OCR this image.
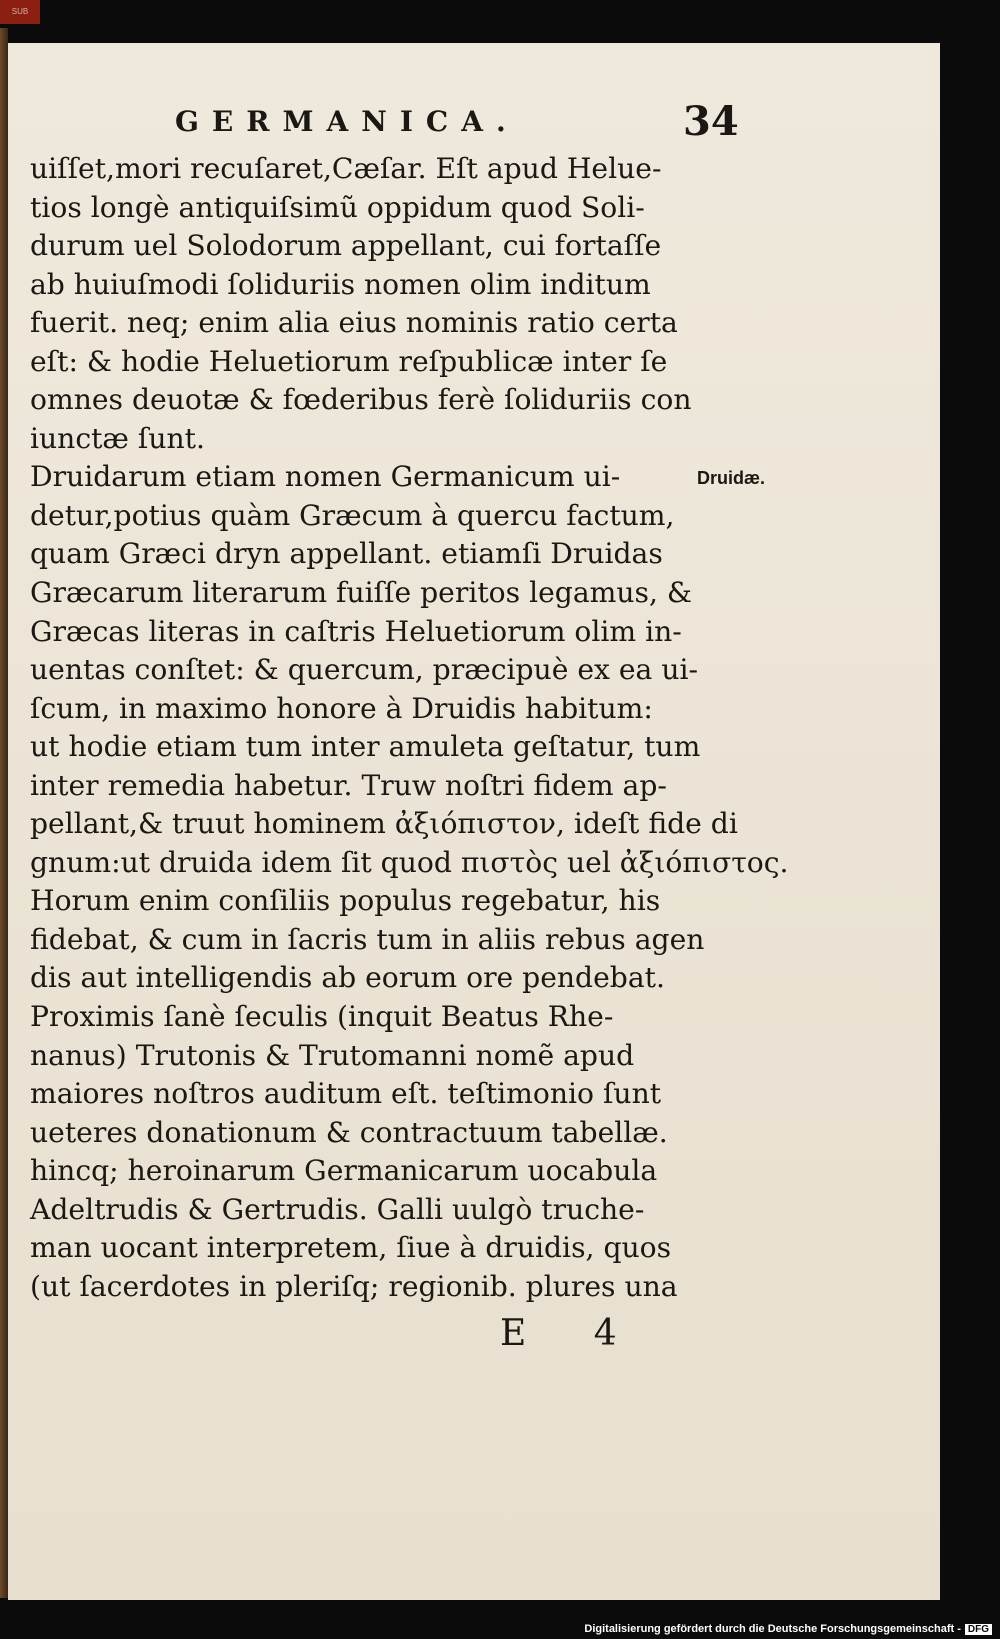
SUB
GERMANICA.	34
uiſſet,mori recuſaret,Cæſar. Eſt apud Helue-
tios longè antiquiſsimũ oppidum quod Soli-
durum uel Solodorum appellant, cui fortaſſe
ab huiuſmodi ſoliduriis nomen olim inditum
fuerit. neq; enim alia eius nominis ratio certa
eſt: & hodie Heluetiorum reſpublicæ inter ſe
omnes deuotæ & fœderibus ferè ſoliduriis con
iunctæ ſunt.
Druidarum etiam nomen Germanicum ui-
detur,potius quàm Græcum à quercu factum,
quam Græci dryn appellant. etiamſi Druidas
Græcarum literarum fuiſſe peritos legamus, &
Græcas literas in caſtris Heluetiorum olim in-
uentas conſtet: & quercum, præcipuè ex ea ui-
ſcum, in maximo honore à Druidis habitum:
ut hodie etiam tum inter amuleta geſtatur, tum
inter remedia habetur. Truw noſtri fidem ap-
pellant,& truut hominem ἀξιόπιστον, ideſt fide di
gnum:ut druida idem ſit quod πιστὸς uel ἀξιόπιστος.
Horum enim conſiliis populus regebatur, his
fidebat, & cum in ſacris tum in aliis rebus agen
dis aut intelligendis ab eorum ore pendebat.
Proximis ſanè ſeculis (inquit Beatus Rhe-
nanus) Trutonis & Trutomanni nomẽ apud
maiores noſtros auditum eſt. teſtimonio ſunt
ueteres donationum & contractuum tabellæ.
hincq; heroinarum Germanicarum uocabula
Adeltrudis & Gertrudis. Galli uulgò truche-
man uocant interpretem, ſiue à druidis, quos
(ut ſacerdotes in pleriſq; regionib. plures una
Druidæ.
E 4
Digitalisierung gefördert durch die Deutsche Forschungsgemeinschaft - DFG
